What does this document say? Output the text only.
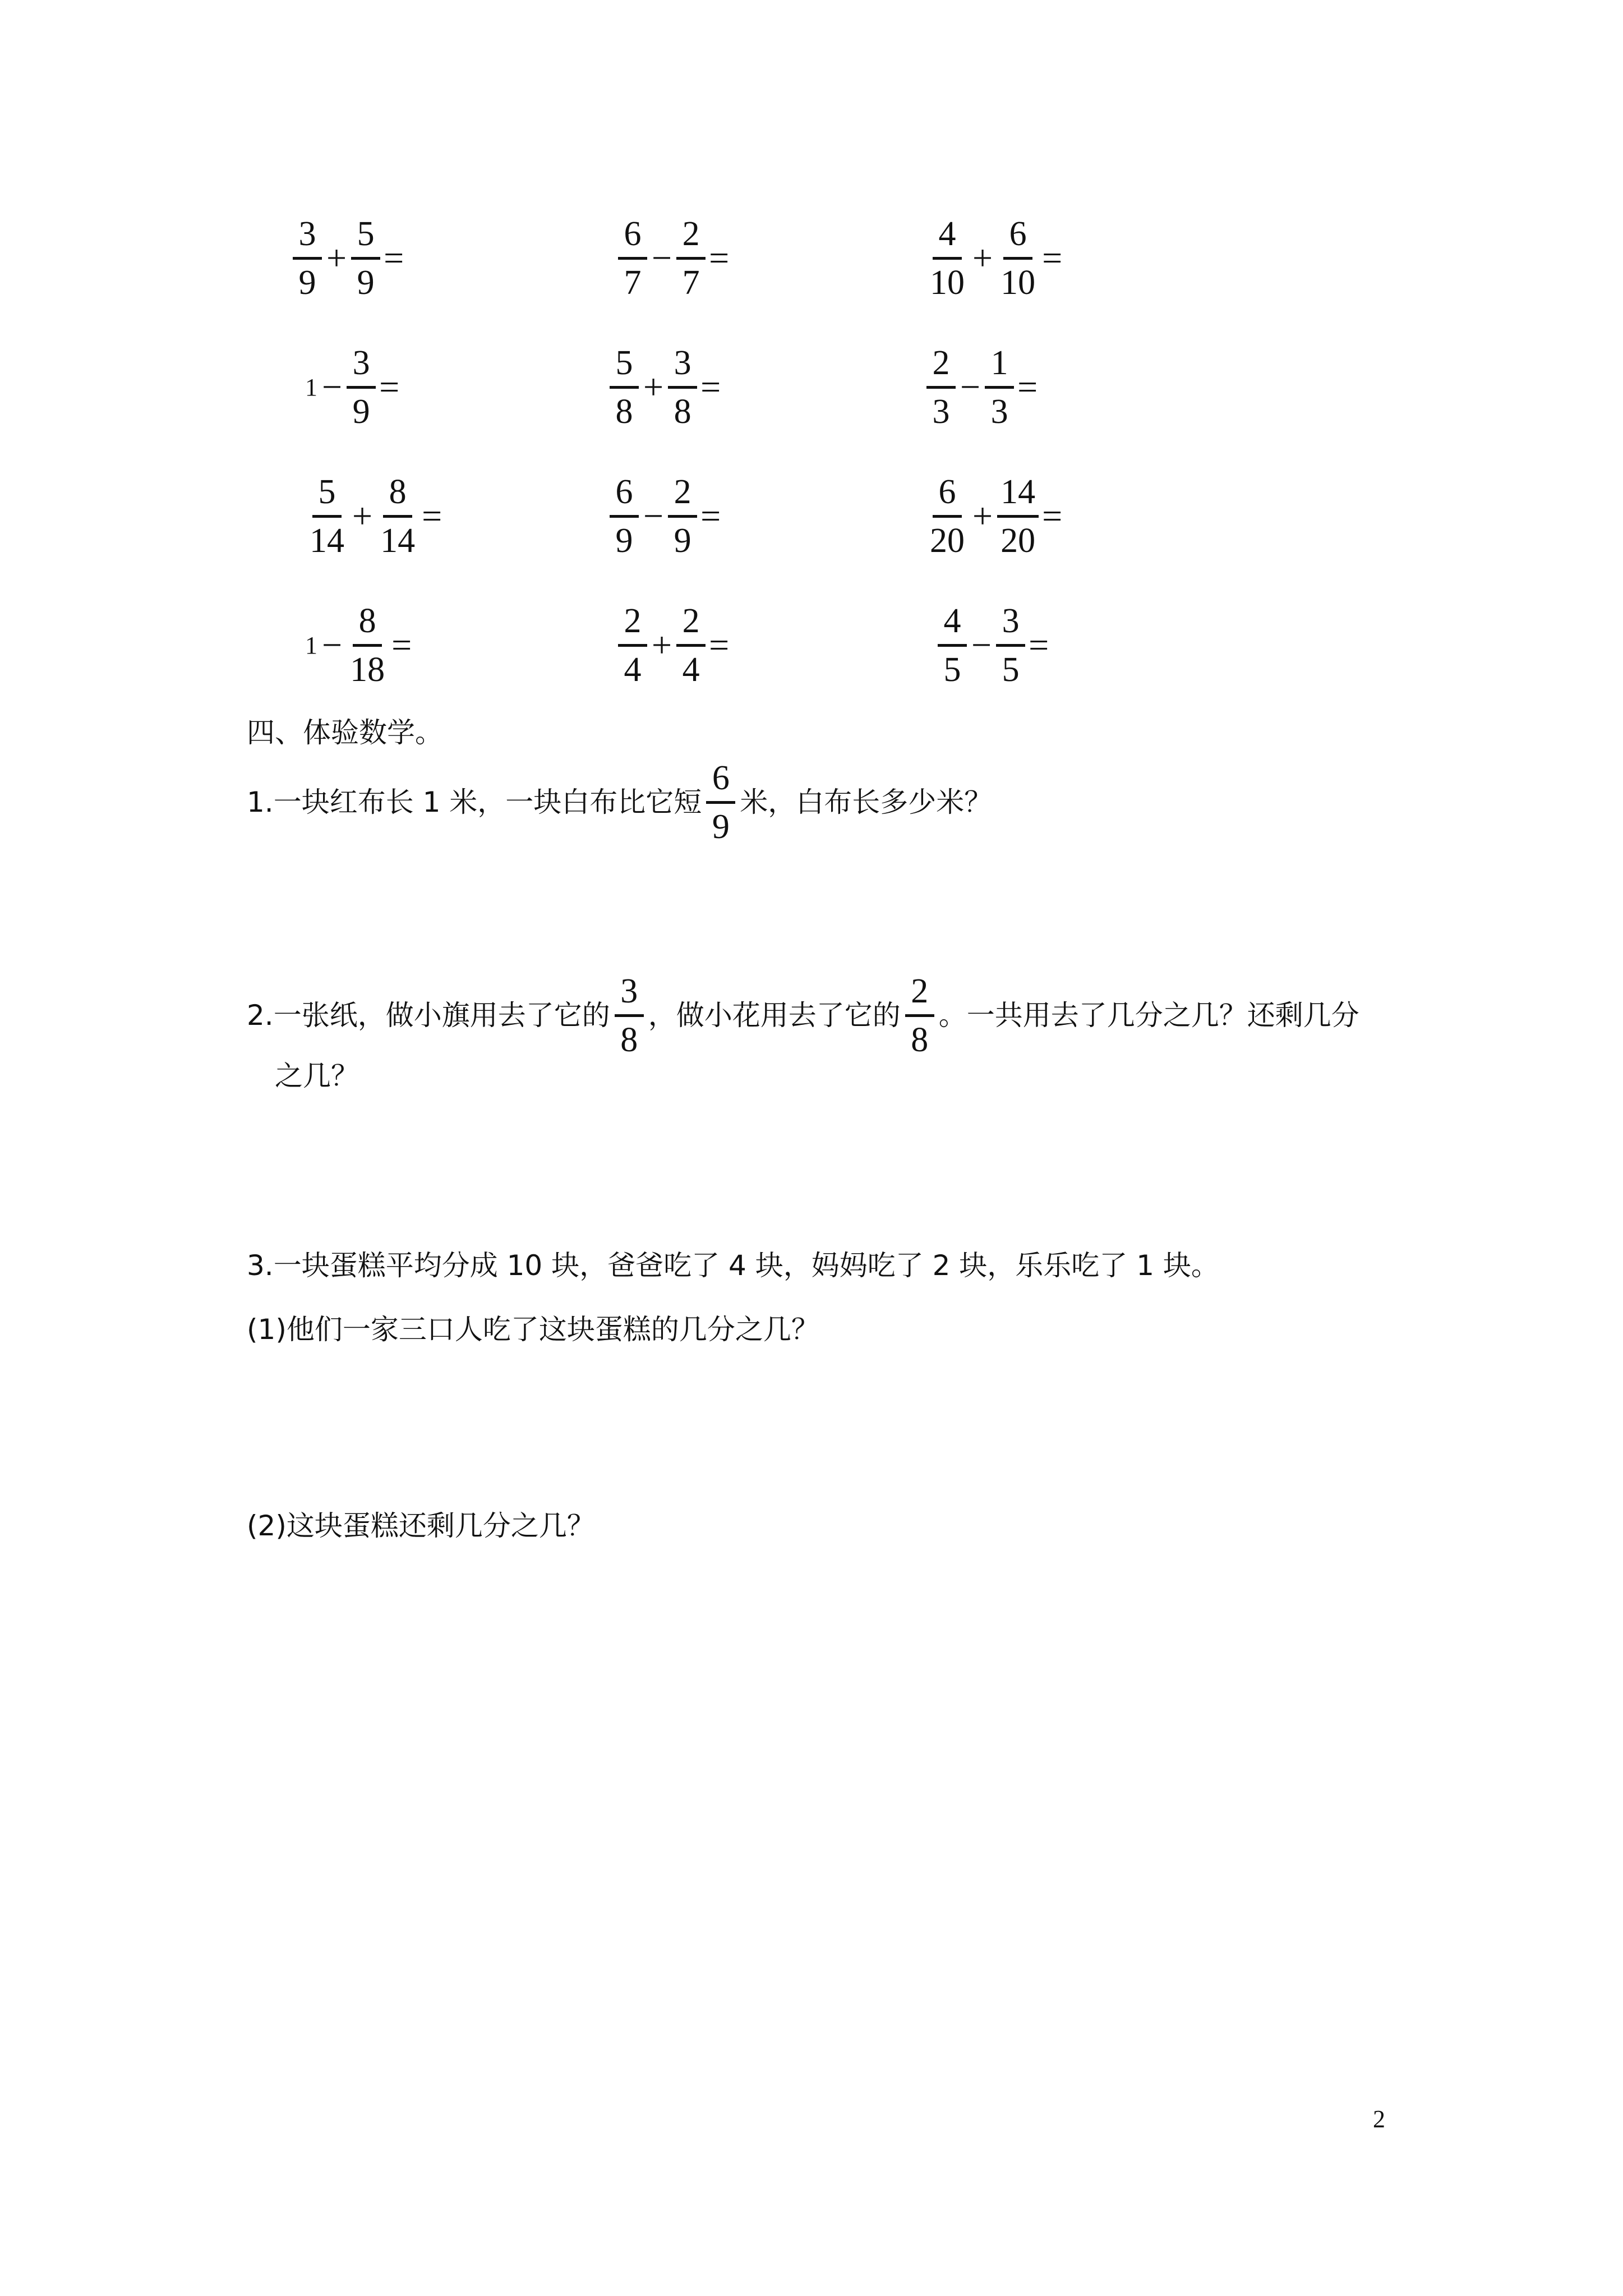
$\frac{3}{9} + \frac{5}{9}$ =	$\frac{6}{7} - \frac{2}{7}$ =	$\frac{4}{10} + \frac{6}{10}$ =
$1 - \frac{3}{9}$ =	$\frac{5}{8} + \frac{3}{8}$ =	$\frac{2}{3} - \frac{1}{3}$ =
$\frac{5}{14} + \frac{8}{14}$ =	$\frac{6}{9} - \frac{2}{9}$ =	$\frac{6}{20} + \frac{14}{20}$ =
$1 - \frac{8}{18}$ =	$\frac{2}{4} + \frac{2}{4}$ =	$\frac{4}{5} - \frac{3}{5}$ =
四、体验数学。
1.一块红布长 1 米，一块白布比它短 $\frac{6}{9}$ 米，白布长多少米？
2.一张纸，做小旗用去了它的 $\frac{3}{8}$ ，做小花用去了它的 $\frac{2}{8}$ 。一共用去了几分之几？还剩几分
之几？
3.一块蛋糕平均分成 10 块，爸爸吃了 4 块，妈妈吃了 2 块，乐乐吃了 1 块。
(1)他们一家三口人吃了这块蛋糕的几分之几？
(2)这块蛋糕还剩几分之几？
2
